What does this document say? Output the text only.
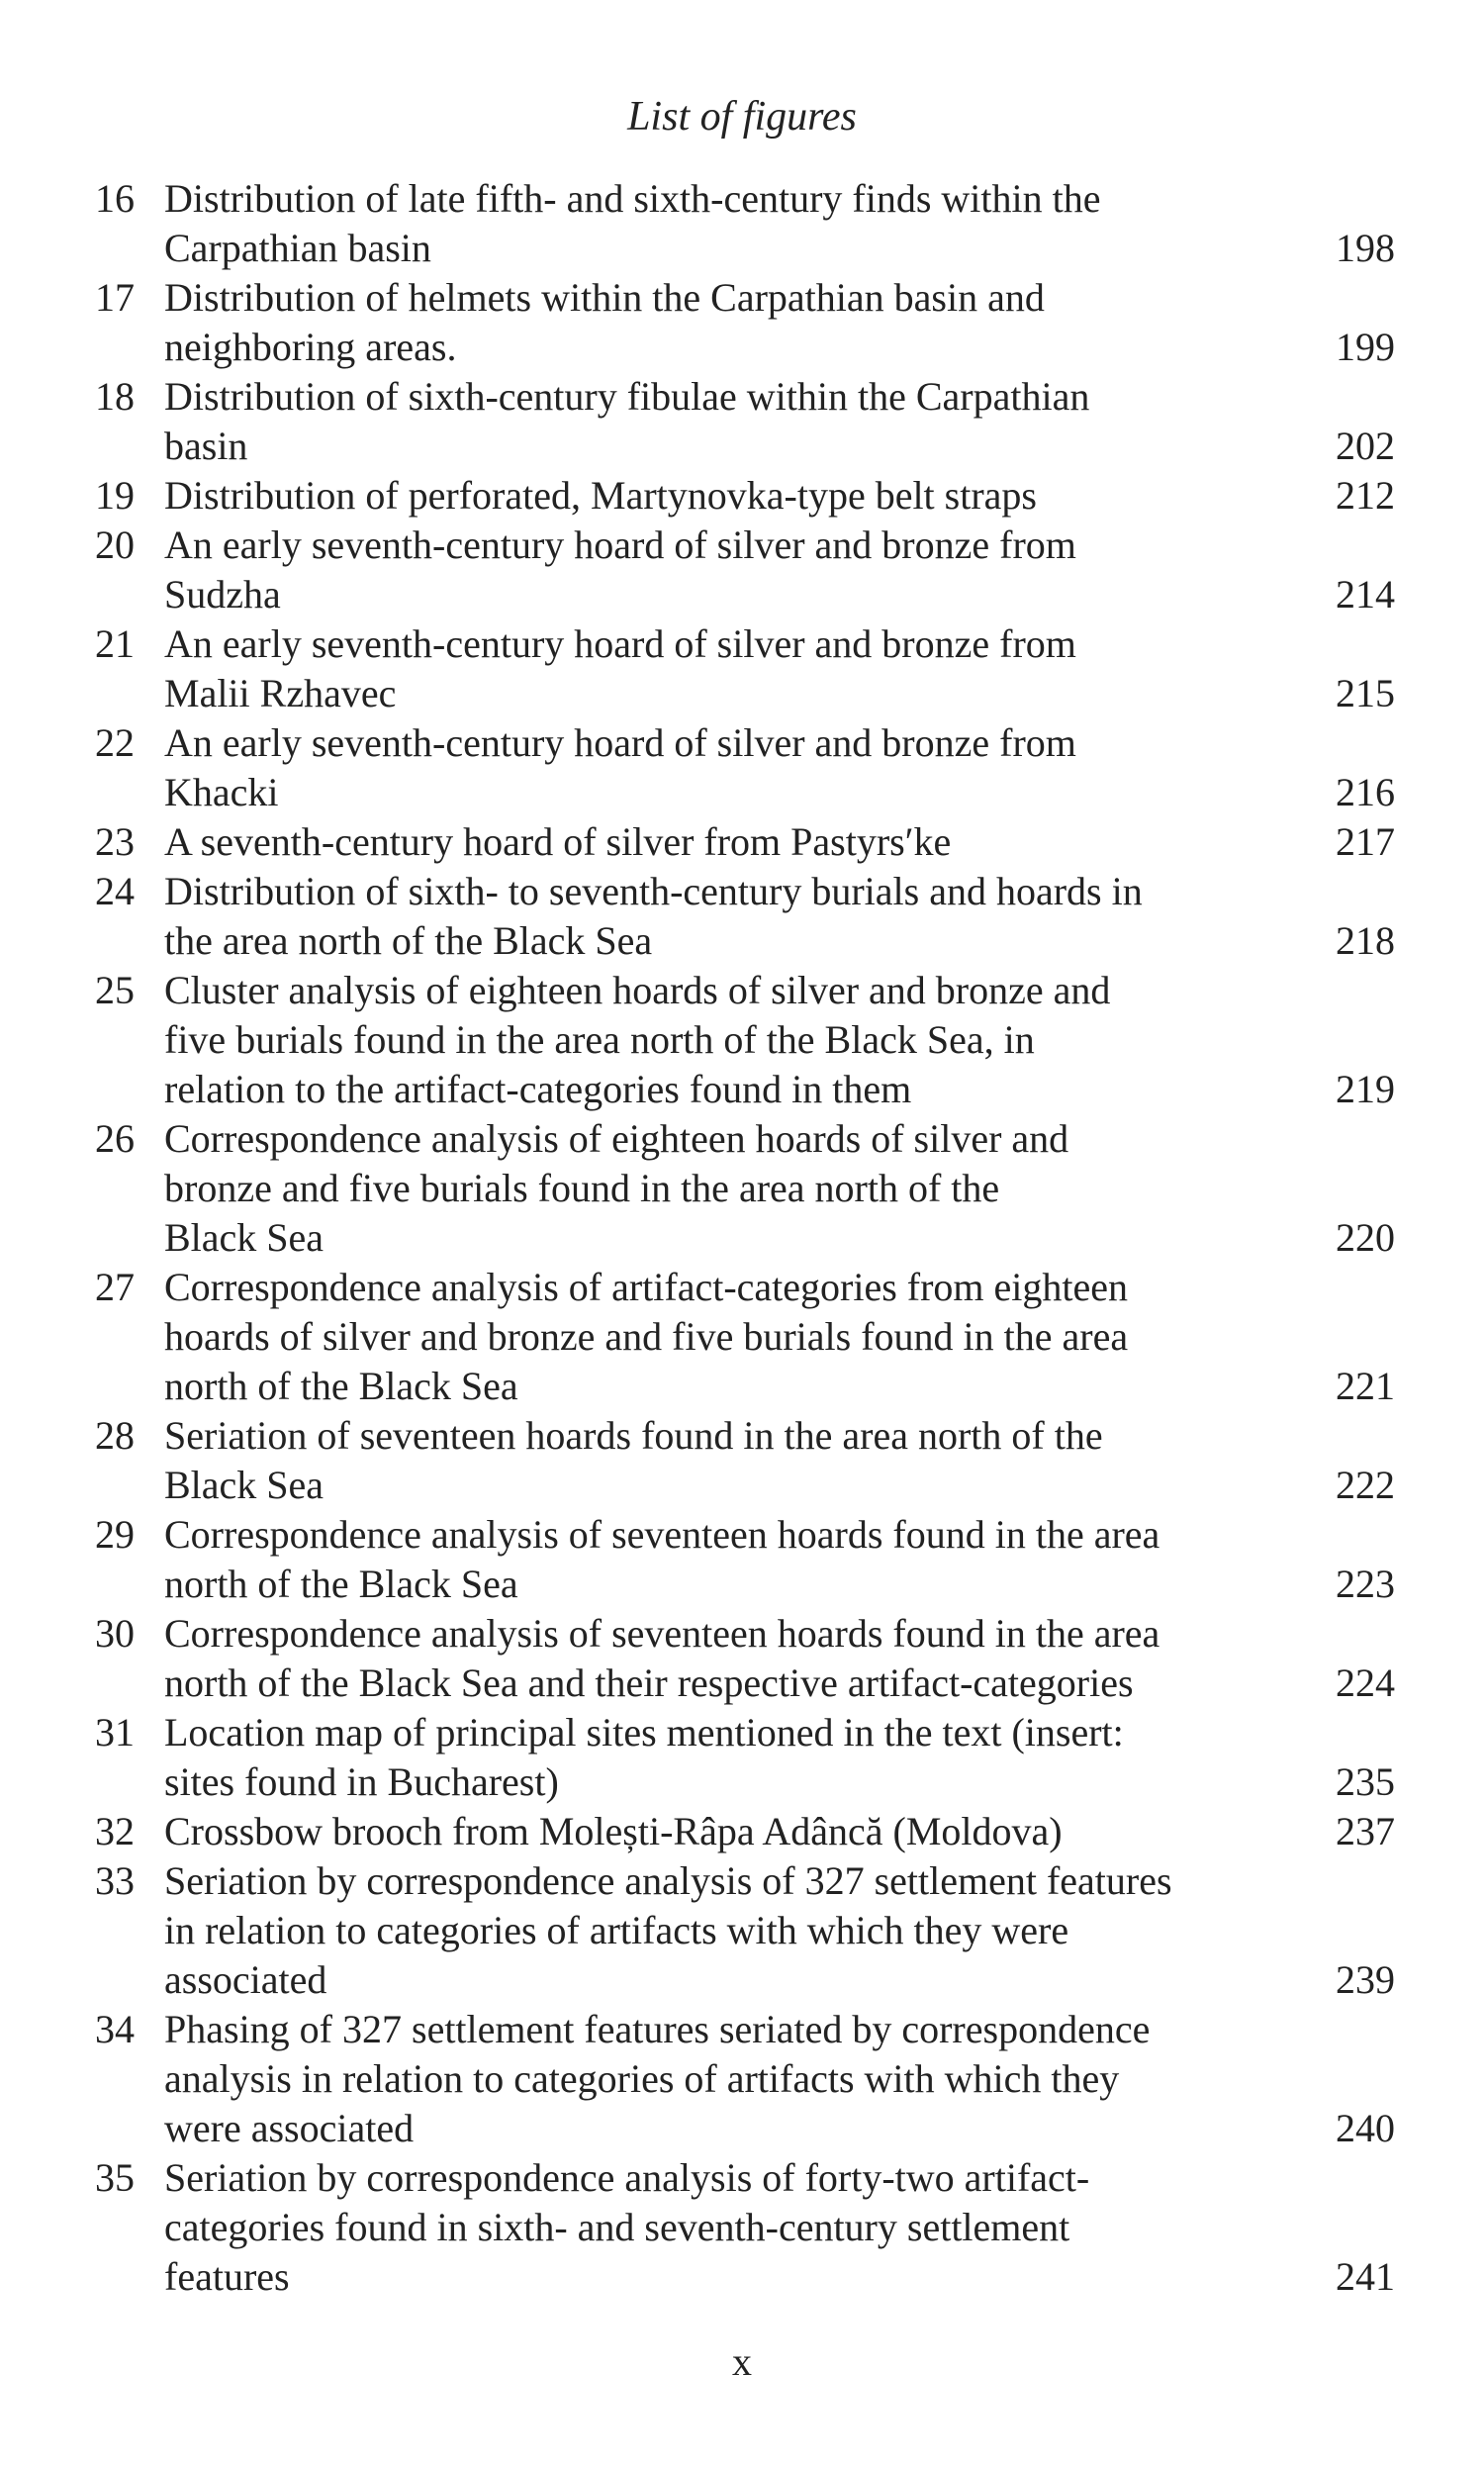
List of figures
16 Distribution of late fifth- and sixth-century finds within the
Carpathian basin	198
17 Distribution of helmets within the Carpathian basin and
neighboring areas.	199
18 Distribution of sixth-century fibulae within the Carpathian
basin	202
19 Distribution of perforated, Martynovka-type belt straps	212
20 An early seventh-century hoard of silver and bronze from
Sudzha	214
21 An early seventh-century hoard of silver and bronze from
Malii Rzhavec	215
22 An early seventh-century hoard of silver and bronze from
Khacki	216
23 A seventh-century hoard of silver from Pastyrs′ke	217
24 Distribution of sixth- to seventh-century burials and hoards in
the area north of the Black Sea	218
25 Cluster analysis of eighteen hoards of silver and bronze and
five burials found in the area north of the Black Sea, in
relation to the artifact-categories found in them	219
26 Correspondence analysis of eighteen hoards of silver and
bronze and five burials found in the area north of the
Black Sea	220
27 Correspondence analysis of artifact-categories from eighteen
hoards of silver and bronze and five burials found in the area
north of the Black Sea	221
28 Seriation of seventeen hoards found in the area north of the
Black Sea	222
29 Correspondence analysis of seventeen hoards found in the area
north of the Black Sea	223
30 Correspondence analysis of seventeen hoards found in the area
north of the Black Sea and their respective artifact-categories	224
31 Location map of principal sites mentioned in the text (insert:
sites found in Bucharest)	235
32 Crossbow brooch from Molești-Râpa Adâncă (Moldova)	237
33 Seriation by correspondence analysis of 327 settlement features
in relation to categories of artifacts with which they were
associated	239
34 Phasing of 327 settlement features seriated by correspondence
analysis in relation to categories of artifacts with which they
were associated	240
35 Seriation by correspondence analysis of forty-two artifact-
categories found in sixth- and seventh-century settlement
features	241
x
